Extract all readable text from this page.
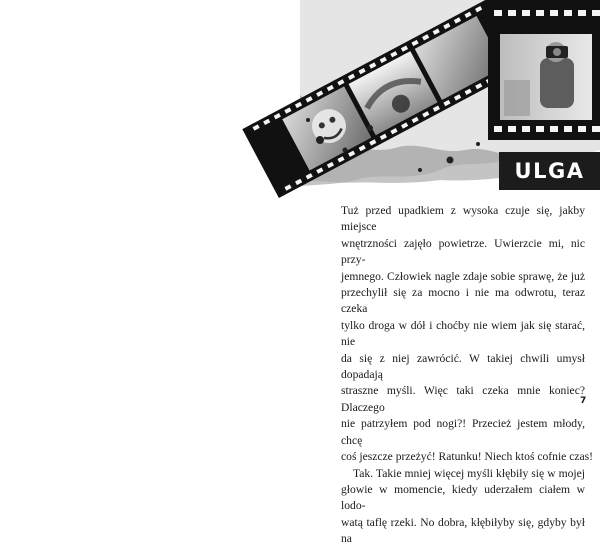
ULGA
Tuż przed upadkiem z wysoka czuje się, jakby miejsce
wnętrzności zajęło powietrze. Uwierzcie mi, nic przy-
jemnego. Człowiek nagle zdaje sobie sprawę, że już
przechylił się za mocno i nie ma odwrotu, teraz czeka
tylko droga w dół i choćby nie wiem jak się starać, nie
da się z niej zawrócić. W takiej chwili umysł dopadają
straszne myśli. Więc taki czeka mnie koniec? Dlaczego
nie patrzyłem pod nogi?! Przecież jestem młody, chcę
coś jeszcze przeżyć! Ratunku! Niech ktoś cofnie czas!
Tak. Takie mniej więcej myśli kłębiły się w mojej
głowie w momencie, kiedy uderzałem ciałem w lodo-
watą taflę rzeki. No dobra, kłębiłyby się, gdyby był na
7
